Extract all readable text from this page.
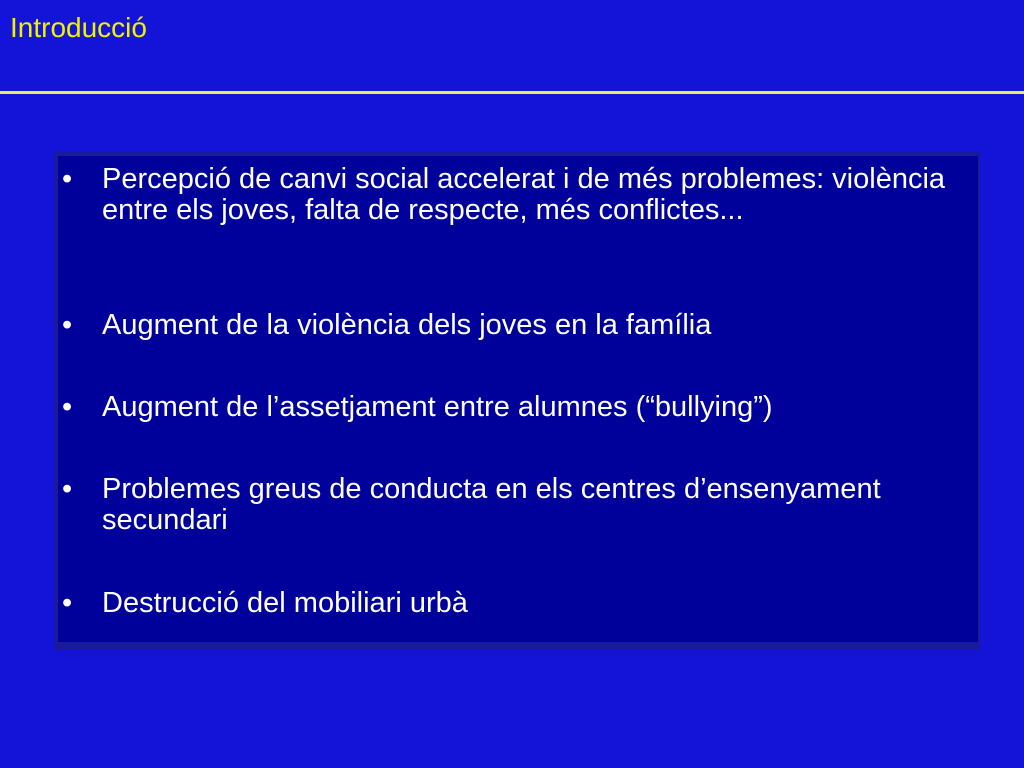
Introducció
• Percepció de canvi social accelerat i de més problemes: violència entre els joves, falta de respecte, més conflictes...
• Augment de la violència dels joves en la família
• Augment de l’assetjament entre alumnes (“bullying”)
• Problemes greus de conducta en els centres d’ensenyament secundari
• Destrucció del mobiliari urbà
